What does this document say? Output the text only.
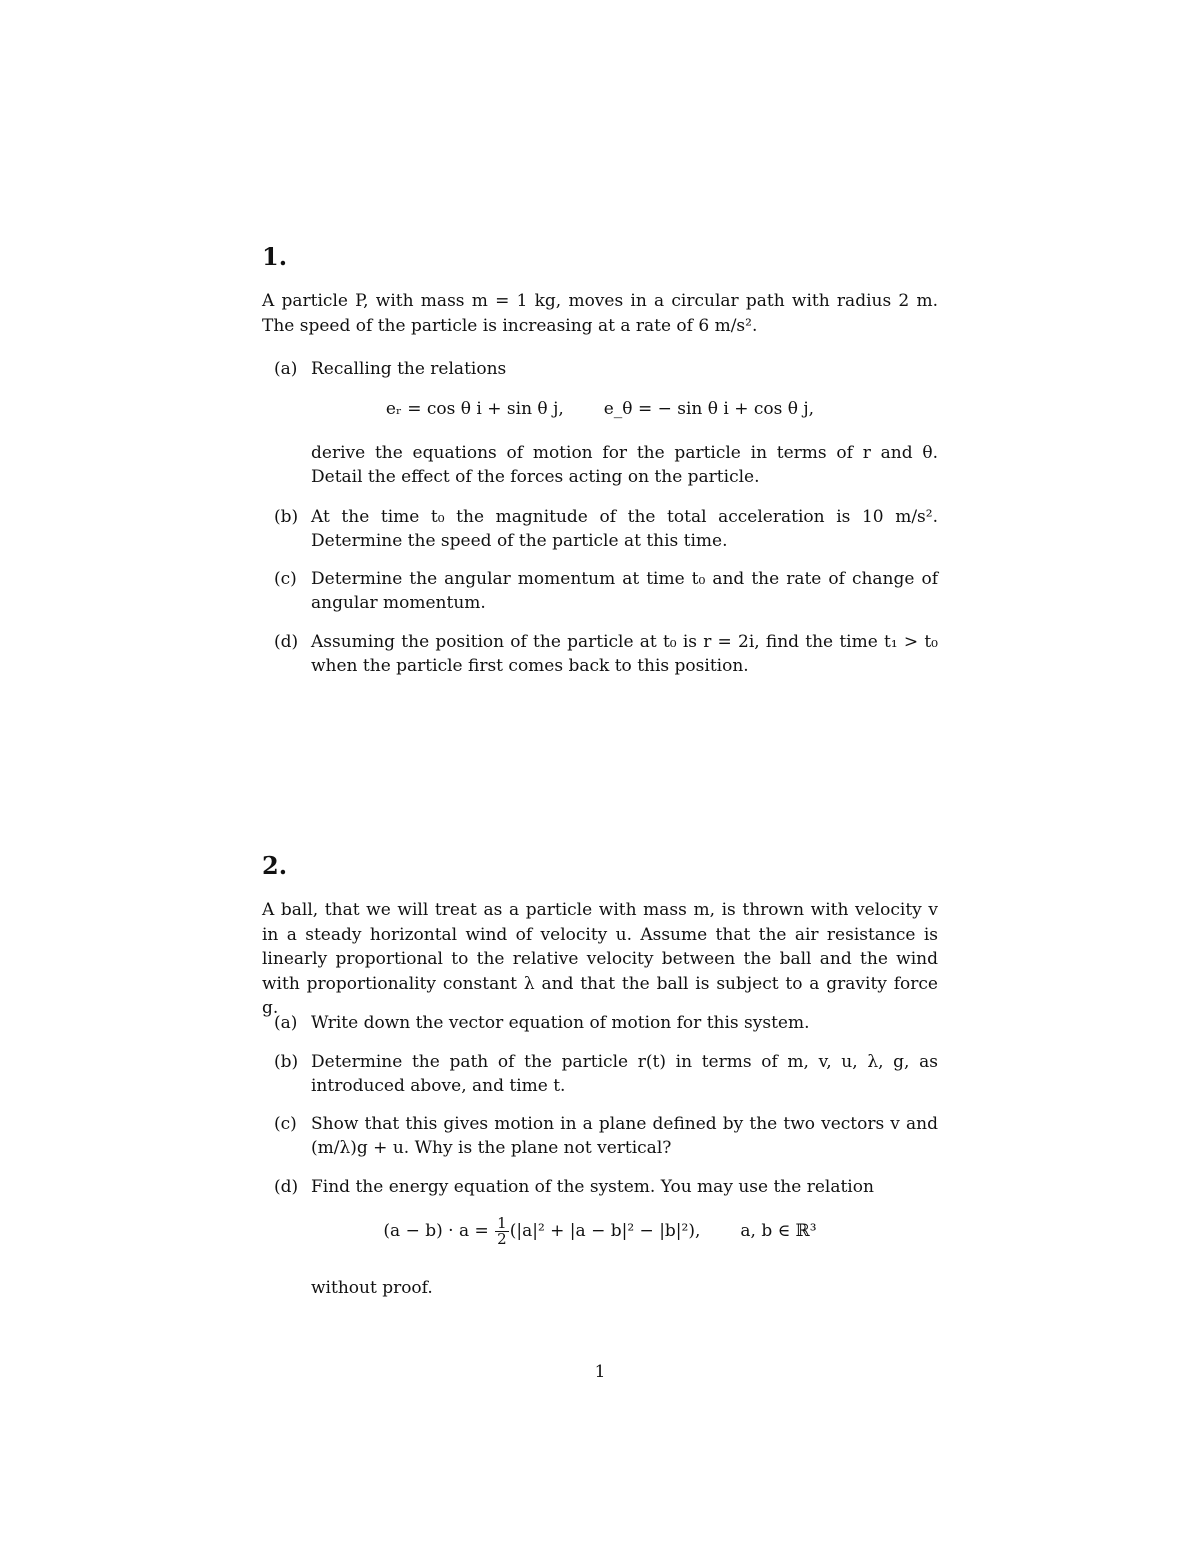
1.

A particle P, with mass m = 1 kg, moves in a circular path with radius 2 m. The speed of the particle is increasing at a rate of 6 m/s².

(a) Recalling the relations
eᵣ = cos θ i + sin θ j, e_θ = − sin θ i + cos θ j,
derive the equations of motion for the particle in terms of r and θ. Detail the effect of the forces acting on the particle.
(b) At the time t₀ the magnitude of the total acceleration is 10 m/s². Determine the speed of the particle at this time.
(c) Determine the angular momentum at time t₀ and the rate of change of angular momentum.
(d) Assuming the position of the particle at t₀ is r = 2i, find the time t₁ > t₀ when the particle first comes back to this position.
2.

A ball, that we will treat as a particle with mass m, is thrown with velocity v in a steady horizontal wind of velocity u. Assume that the air resistance is linearly proportional to the relative velocity between the ball and the wind with proportionality constant λ and that the ball is subject to a gravity force g.

(a) Write down the vector equation of motion for this system.
(b) Determine the path of the particle r(t) in terms of m, v, u, λ, g, as introduced above, and time t.
(c) Show that this gives motion in a plane defined by the two vectors v and (m/λ)g + u. Why is the plane not vertical?
(d) Find the energy equation of the system. You may use the relation
$(a - b) \cdot a = \frac{1}{2} (|a|^2 + |a - b|^2 - |b|^2)$, a, b ∈ ℝ³
without proof.
1
